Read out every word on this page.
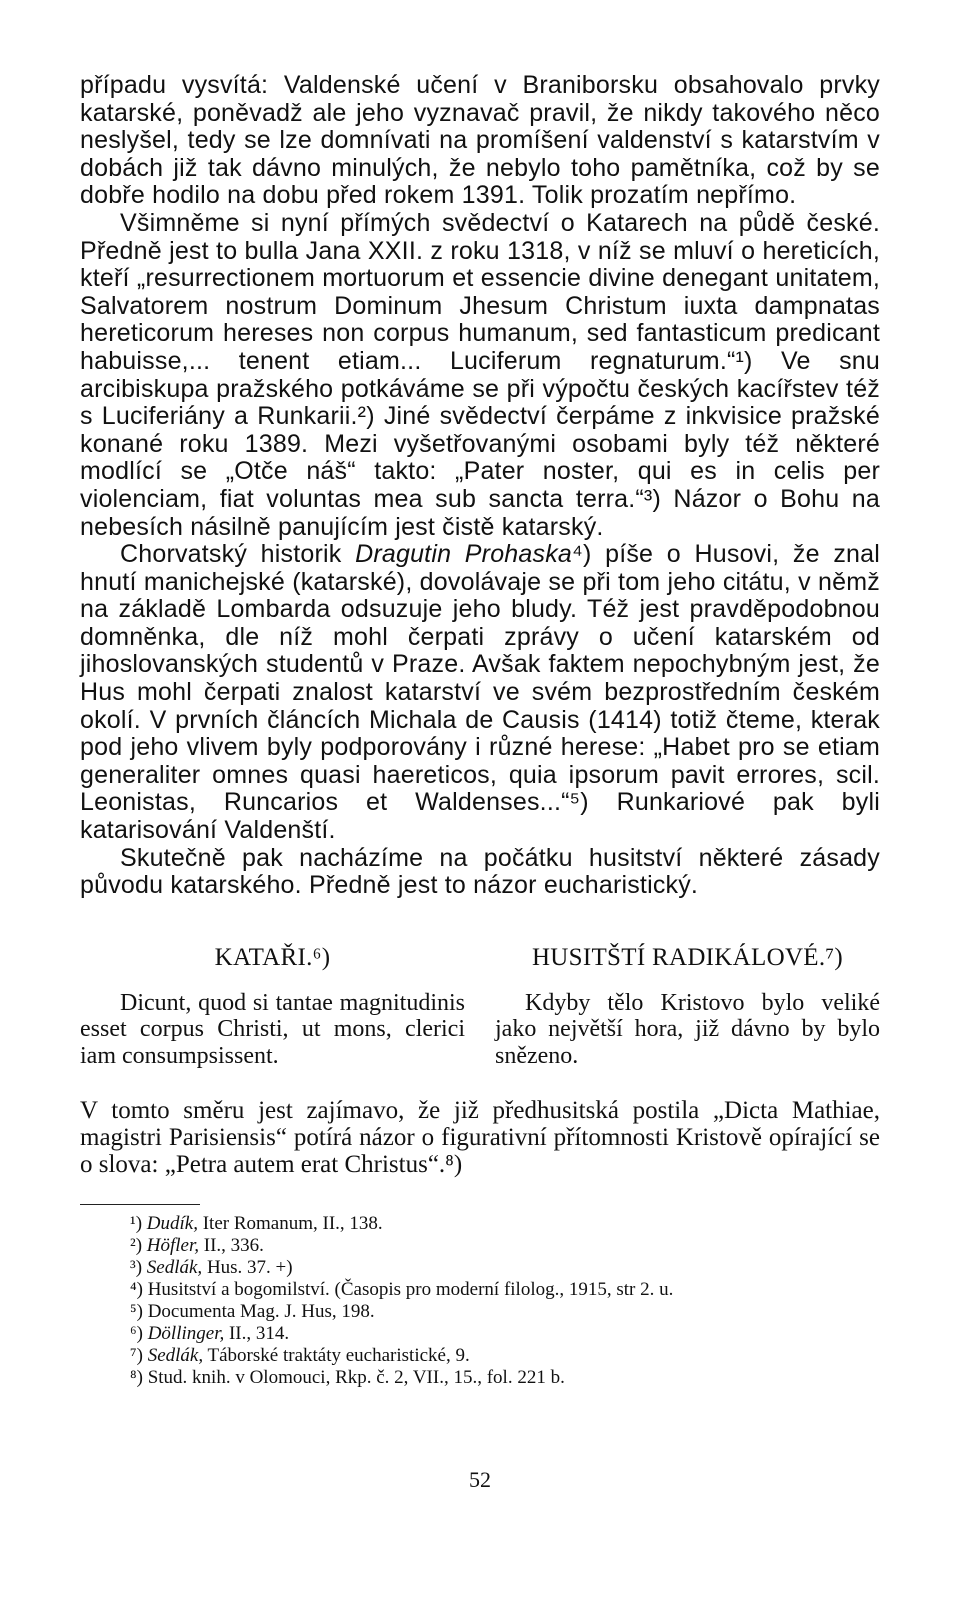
případu vysvítá: Valdenské učení v Braniborsku obsahovalo prvky katarské, poněvadž ale jeho vyznavač pravil, že nikdy takového něco neslyšel, tedy se lze domnívati na promíšení valdenství s katarstvím v dobách již tak dávno minulých, že nebylo toho pamětníka, což by se dobře hodilo na dobu před rokem 1391. Tolik prozatím nepřímo.

Všimněme si nyní přímých svědectví o Katarech na půdě české. Předně jest to bulla Jana XXII. z roku 1318, v níž se mluví o hereticích, kteří „resurrectionem mortuorum et essencie divine denegant unitatem, Salvatorem nostrum Dominum Jhesum Christum iuxta dampnatas hereticorum hereses non corpus humanum, sed fantasticum predicant habuisse,... tenent etiam... Luciferum regnaturum.“¹) Ve snu arcibiskupa pražského potkáváme se při výpočtu českých kacířstev též s Luciferiány a Runkarii.²) Jiné svědectví čerpáme z inkvisice pražské konané roku 1389. Mezi vyšetřovanými osobami byly též některé modlící se „Otče náš“ takto: „Pater noster, qui es in celis per violenciam, fiat voluntas mea sub sancta terra.“³) Názor o Bohu na nebesích násilně panujícím jest čistě katarský.

Chorvatský historik Dragutin Prohaska⁴) píše o Husovi, že znal hnutí manichejské (katarské), dovolávaje se při tom jeho citátu, v němž na základě Lombarda odsuzuje jeho bludy. Též jest pravděpodobnou domněnka, dle níž mohl čerpati zprávy o učení katarském od jihoslovanských studentů v Praze. Avšak faktem nepochybným jest, že Hus mohl čerpati znalost katarství ve svém bezprostředním českém okolí. V prvních článcích Michala de Causis (1414) totiž čteme, kterak pod jeho vlivem byly podporovány i různé herese: „Habet pro se etiam generaliter omnes quasi haereticos, quia ipsorum pavit errores, scil. Leonistas, Runcarios et Waldenses...“⁵) Runkariové pak byli katarisování Valdenští.

Skutečně pak nacházíme na počátku husitství některé zásady původu katarského. Předně jest to názor eucharistický.

KATAŘI.⁶)

Dicunt, quod si tantae magnitudinis esset corpus Christi, ut mons, clerici iam consumpsissent.

HUSITŠTÍ RADIKÁLOVÉ.⁷)

Kdyby tělo Kristovo bylo veliké jako největší hora, již dávno by bylo snězeno.

V tomto směru jest zajímavo, že již předhusitská postila „Dicta Mathiae, magistri Parisiensis“ potírá názor o figurativní přítomnosti Kristově opírající se o slova: „Petra autem erat Christus“.⁸)

¹) Dudík, Iter Romanum, II., 138.
²) Höfler, II., 336.
³) Sedlák, Hus. 37. +)
⁴) Husitství a bogomilství. (Časopis pro moderní filolog., 1915, str 2. u.
⁵) Documenta Mag. J. Hus, 198.
⁶) Döllinger, II., 314.
⁷) Sedlák, Táborské traktáty eucharistické, 9.
⁸) Stud. knih. v Olomouci, Rkp. č. 2, VII., 15., fol. 221 b.
52
